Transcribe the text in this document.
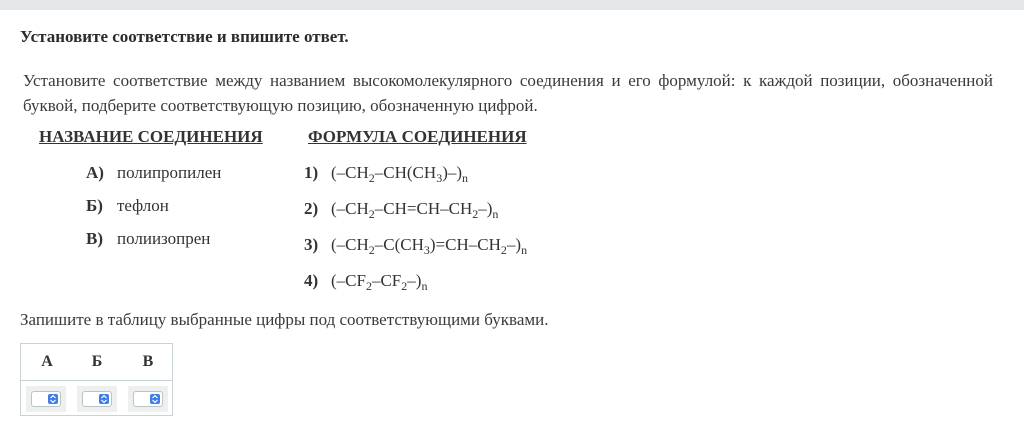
Установите соответствие и впишите ответ.
Установите соответствие между названием высокомолекулярного соединения и его формулой: к каждой позиции, обозначенной буквой, подберите соответствующую позицию, обозначенную цифрой.
НАЗВАНИЕ СОЕДИНЕНИЯ	ФОРМУЛА СОЕДИНЕНИЯ
А) полипропилен
Б) тефлон
В) полиизопрен
1) $(-CH_2-CH(CH_3)-)_n$
2) $(-CH_2-CH=CH-CH_2-)_n$
3) $(-CH_2-C(CH_3)=CH-CH_2-)_n$
4) $(-CF_2-CF_2-)_n$
Запишите в таблицу выбранные цифры под соответствующими буквами.
А	Б	В
